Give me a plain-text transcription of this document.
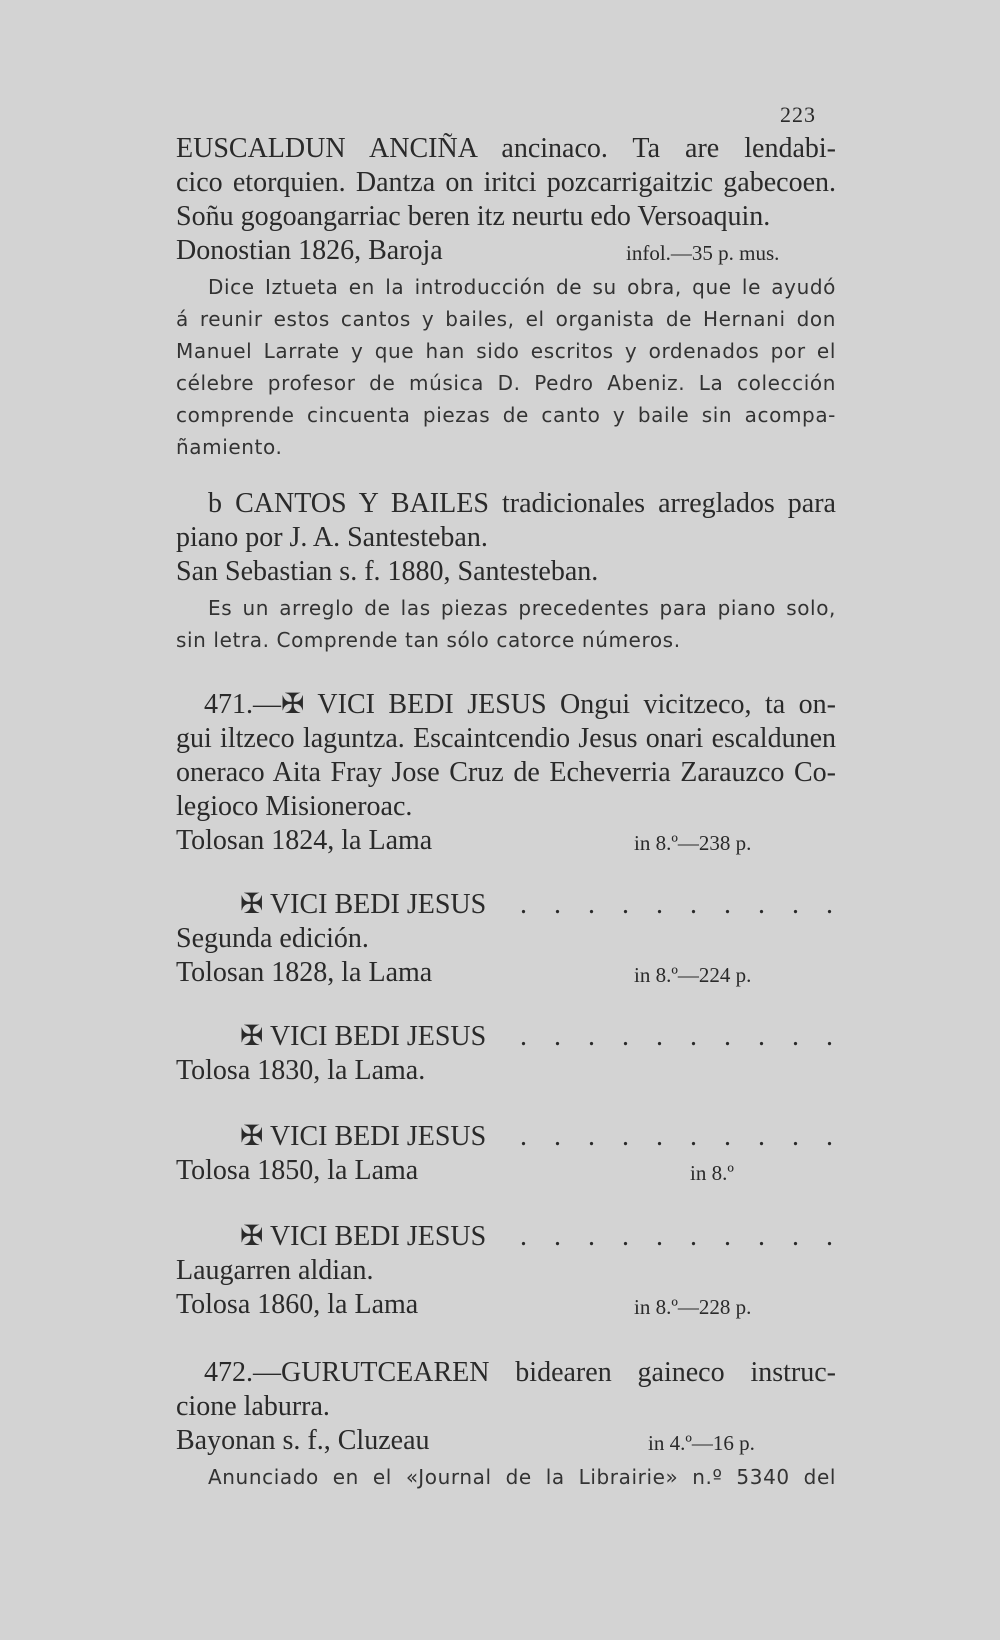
223
EUSCALDUN ANCIÑA ancinaco. Ta are lendabi-
cico etorquien. Dantza on iritci pozcarrigaitzic gabecoen.
Soñu gogoangarriac beren itz neurtu edo Versoaquin.
Donostian 1826, Baroja	infol.—35 p. mus.
Dice Iztueta en la introducción de su obra, que le ayudó
á reunir estos cantos y bailes, el organista de Hernani don
Manuel Larrate y que han sido escritos y ordenados por el
célebre profesor de música D. Pedro Abeniz. La colección
comprende cincuenta piezas de canto y baile sin acompa-
ñamiento.
b CANTOS Y BAILES tradicionales arreglados para
piano por J. A. Santesteban.
San Sebastian s. f. 1880, Santesteban.
Es un arreglo de las piezas precedentes para piano solo,
sin letra. Comprende tan sólo catorce números.
471.—✠ VICI BEDI JESUS Ongui vicitzeco, ta on-
gui iltzeco laguntza. Escaintcendio Jesus onari escaldunen
oneraco Aita Fray Jose Cruz de Echeverria Zarauzco Co-
legioco Misioneroac.
Tolosan 1824, la Lama	in 8.º—238 p.
✠ VICI BEDI JESUS	. . . . . . . . . .
Segunda edición.
Tolosan 1828, la Lama	in 8.º—224 p.
✠ VICI BEDI JESUS	. . . . . . . . . .
Tolosa 1830, la Lama.
✠ VICI BEDI JESUS	. . . . . . . . . .
Tolosa 1850, la Lama	in 8.º
✠ VICI BEDI JESUS	. . . . . . . . . .
Laugarren aldian.
Tolosa 1860, la Lama	in 8.º—228 p.
472.—GURUTCEAREN bidearen gaineco instruc-
cione laburra.
Bayonan s. f., Cluzeau	in 4.º—16 p.
Anunciado en el «Journal de la Librairie» n.º 5340 del
